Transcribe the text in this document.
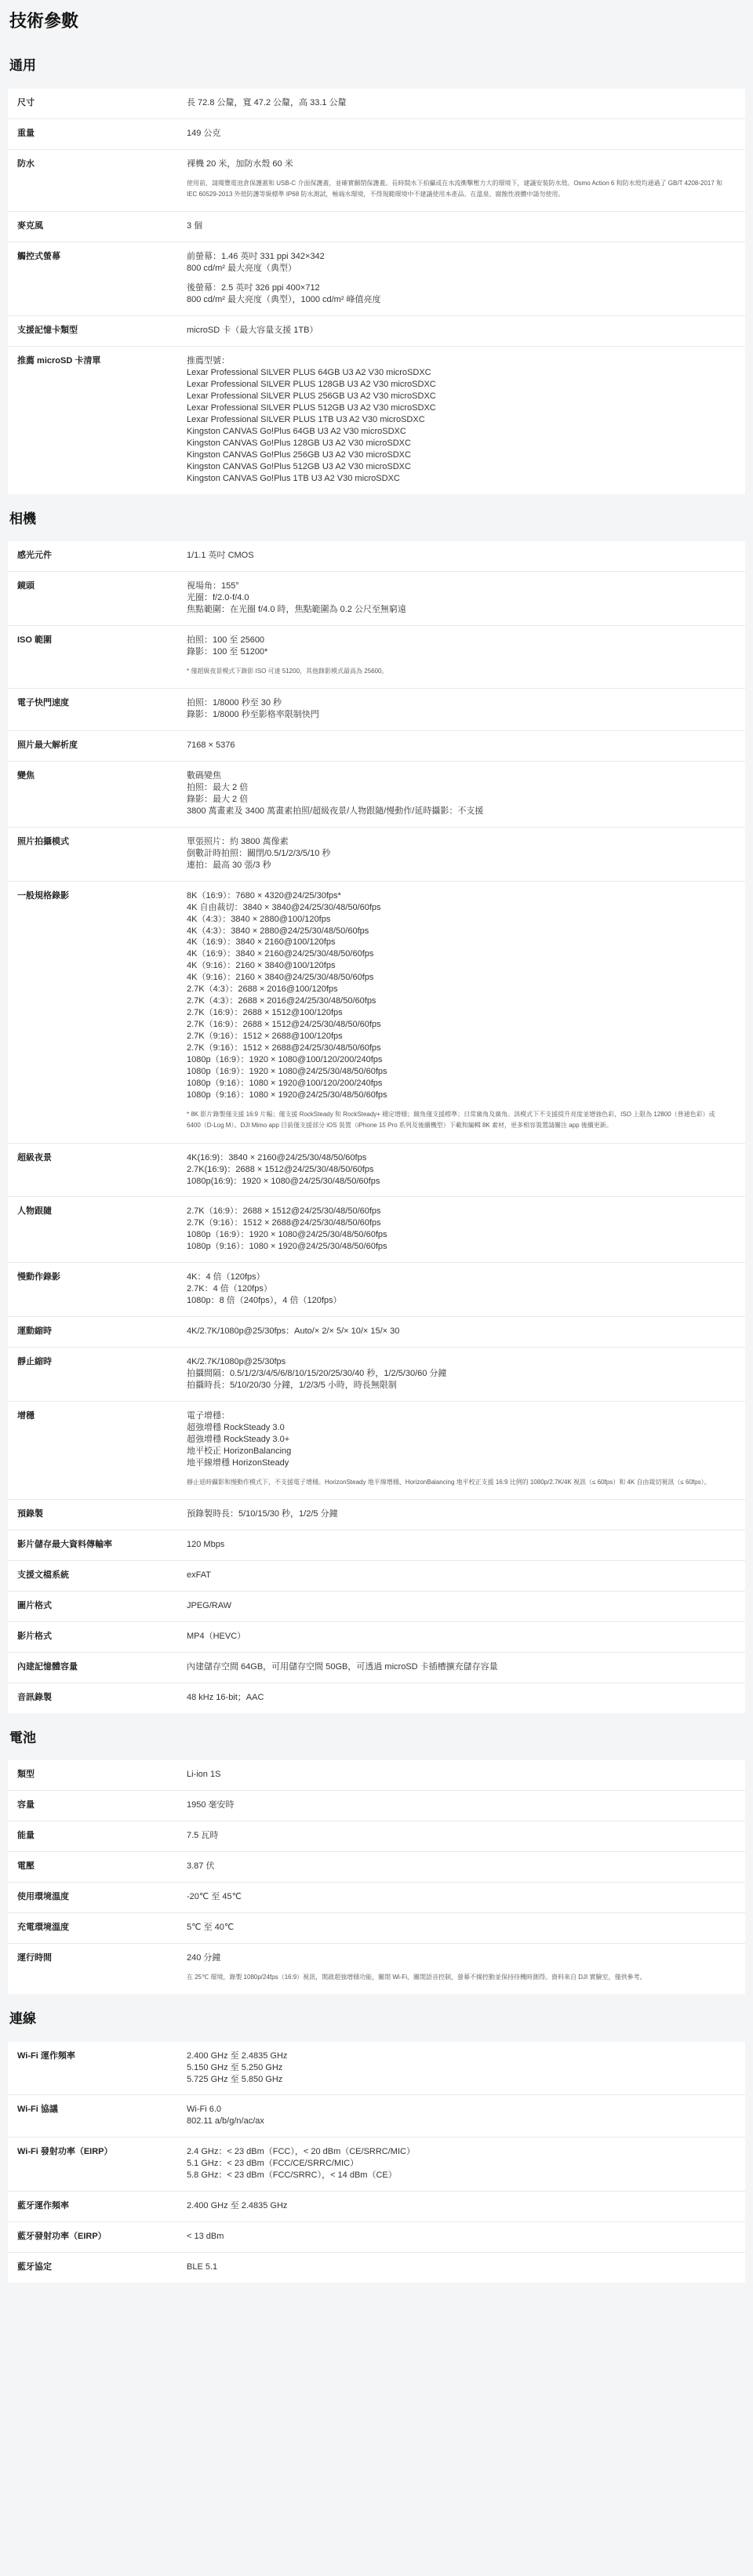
技術參數
通用
尺寸	長 72.8 公釐，寬 47.2 公釐，高 33.1 公釐
重量	149 公克
防水	裸機 20 米，加防水殼 60 米
使用前，請閱覽電池倉保護蓋和 USB-C 介面保護蓋，並確實關閉保護蓋。長時間水下拍攝或在水流衝擊壓力大的環境下，建議安裝防水殼。Osmo Action 6 和防水殼均通過了 GB/T 4208-2017 和 IEC 60529-2013 外殼防護等級標準 IP68 防水測試，極端水環境，不得規範環境中不建議使用本產品。在溫泉、腐蝕性液體中請勿使用。
麥克風	3 個
觸控式螢幕	前螢幕：1.46 英吋 331 ppi 342×342
800 cd/m² 最大亮度（典型）
後螢幕：2.5 英吋 326 ppi 400×712
800 cd/m² 最大亮度（典型），1000 cd/m² 峰值亮度
支援記憶卡類型	microSD 卡（最大容量支援 1TB）
推薦 microSD 卡清單	推薦型號：
Lexar Professional SILVER PLUS 64GB U3 A2 V30 microSDXC
Lexar Professional SILVER PLUS 128GB U3 A2 V30 microSDXC
Lexar Professional SILVER PLUS 256GB U3 A2 V30 microSDXC
Lexar Professional SILVER PLUS 512GB U3 A2 V30 microSDXC
Lexar Professional SILVER PLUS 1TB U3 A2 V30 microSDXC
Kingston CANVAS Go!Plus 64GB U3 A2 V30 microSDXC
Kingston CANVAS Go!Plus 128GB U3 A2 V30 microSDXC
Kingston CANVAS Go!Plus 256GB U3 A2 V30 microSDXC
Kingston CANVAS Go!Plus 512GB U3 A2 V30 microSDXC
Kingston CANVAS Go!Plus 1TB U3 A2 V30 microSDXC
相機
感光元件	1/1.1 英吋 CMOS
鏡頭	視場角：155°
光圈：f/2.0-f/4.0
焦點範圍：在光圈 f/4.0 時，焦點範圍為 0.2 公尺至無窮遠
ISO 範圍	拍照：100 至 25600
錄影：100 至 51200*
* 僅超級夜景模式下錄影 ISO 可達 51200，其他錄影模式最高為 25600。
電子快門速度	拍照：1/8000 秒至 30 秒
錄影：1/8000 秒至影格率限制快門
照片最大解析度	7168 × 5376
變焦	數碼變焦
拍照：最大 2 倍
錄影：最大 2 倍
3800 萬畫素及 3400 萬畫素拍照/超級夜景/人物跟隨/慢動作/延時攝影：不支援
照片拍攝模式	單張照片：約 3800 萬像素
倒數計時拍照：關閉/0.5/1/2/3/5/10 秒
連拍：最高 30 張/3 秒
一般規格錄影	8K（16:9）：7680 × 4320@24/25/30fps*
4K 自由裁切：3840 × 3840@24/25/30/48/50/60fps
4K（4:3）：3840 × 2880@100/120fps
4K（4:3）：3840 × 2880@24/25/30/48/50/60fps
4K（16:9）：3840 × 2160@100/120fps
4K（16:9）：3840 × 2160@24/25/30/48/50/60fps
4K（9:16）：2160 × 3840@100/120fps
4K（9:16）：2160 × 3840@24/25/30/48/50/60fps
2.7K（4:3）：2688 × 2016@100/120fps
2.7K（4:3）：2688 × 2016@24/25/30/48/50/60fps
2.7K（16:9）：2688 × 1512@100/120fps
2.7K（16:9）：2688 × 1512@24/25/30/48/50/60fps
2.7K（9:16）：1512 × 2688@100/120fps
2.7K（9:16）：1512 × 2688@24/25/30/48/50/60fps
1080p（16:9）：1920 × 1080@100/120/200/240fps
1080p（16:9）：1920 × 1080@24/25/30/48/50/60fps
1080p（9:16）：1080 × 1920@100/120/200/240fps
1080p（9:16）：1080 × 1920@24/25/30/48/50/60fps
* 8K 影片錄製僅支援 16:9 片幅；僅支援 RockSteady 和 RockSteady+ 穩定增穩；鏡角僅支援標準；日常廣角及廣角。該模式下不支援提升亮度並增強色彩，ISO 上限為 12800（普通色彩）或 6400（D-Log M）。DJI Mimo app 目前僅支援部分 iOS 裝置（iPhone 15 Pro 系列及後續機型）下載和編輯 8K 素材，更多相容裝置請關注 app 後續更新。
超級夜景	4K(16:9)：3840 × 2160@24/25/30/48/50/60fps
2.7K(16:9)：2688 × 1512@24/25/30/48/50/60fps
1080p(16:9)：1920 × 1080@24/25/30/48/50/60fps
人物跟隨	2.7K（16:9）：2688 × 1512@24/25/30/48/50/60fps
2.7K（9:16）：1512 × 2688@24/25/30/48/50/60fps
1080p（16:9）：1920 × 1080@24/25/30/48/50/60fps
1080p（9:16）：1080 × 1920@24/25/30/48/50/60fps
慢動作錄影	4K：4 倍（120fps）
2.7K：4 倍（120fps）
1080p：8 倍（240fps），4 倍（120fps）
運動縮時	4K/2.7K/1080p@25/30fps：Auto/× 2/× 5/× 10/× 15/× 30
靜止縮時	4K/2.7K/1080p@25/30fps
拍攝間隔：0.5/1/2/3/4/5/6/8/10/15/20/25/30/40 秒，1/2/5/30/60 分鐘
拍攝時長：5/10/20/30 分鐘，1/2/3/5 小時，時長無限制
增穩	電子增穩：
超強增穩 RockSteady 3.0
超強增穩 RockSteady 3.0+
地平校正 HorizonBalancing
地平線增穩 HorizonSteady
靜止延時攝影和慢動作模式下，不支援電子增穩。HorizonSteady 地平線增穩、HorizonBalancing 地平校正支援 16:9 比例的 1080p/2.7K/4K 視訊（≤ 60fps）和 4K 自由裁切視訊（≤ 60fps）。
預錄製	預錄製時長：5/10/15/30 秒，1/2/5 分鐘
影片儲存最大資料傳輸率	120 Mbps
支援文檔系統	exFAT
圖片格式	JPEG/RAW
影片格式	MP4（HEVC）
內建記憶體容量	內建儲存空間 64GB，可用儲存空間 50GB，可透過 microSD 卡插槽擴充儲存容量
音訊錄製	48 kHz 16-bit；AAC
電池
類型	Li-ion 1S
容量	1950 毫安時
能量	7.5 瓦時
電壓	3.87 伏
使用環境溫度	-20℃ 至 45℃
充電環境溫度	5℃ 至 40℃
運行時間	240 分鐘
在 25℃ 環境，錄製 1080p/24fps（16:9）視訊，開啟超強增穩功能，關閉 Wi-Fi，關閉語音控制，螢幕不操控動並保持待機時測得。資料來自 DJI 實驗室，僅供參考。
連線
Wi-Fi 運作頻率	2.400 GHz 至 2.4835 GHz
5.150 GHz 至 5.250 GHz
5.725 GHz 至 5.850 GHz
Wi-Fi 協議	Wi-Fi 6.0
802.11 a/b/g/n/ac/ax
Wi-Fi 發射功率（EIRP）	2.4 GHz：< 23 dBm（FCC），< 20 dBm（CE/SRRC/MIC）
5.1 GHz：< 23 dBm（FCC/CE/SRRC/MIC）
5.8 GHz：< 23 dBm（FCC/SRRC），< 14 dBm（CE）
藍牙運作頻率	2.400 GHz 至 2.4835 GHz
藍牙發射功率（EIRP）	< 13 dBm
藍牙協定	BLE 5.1
